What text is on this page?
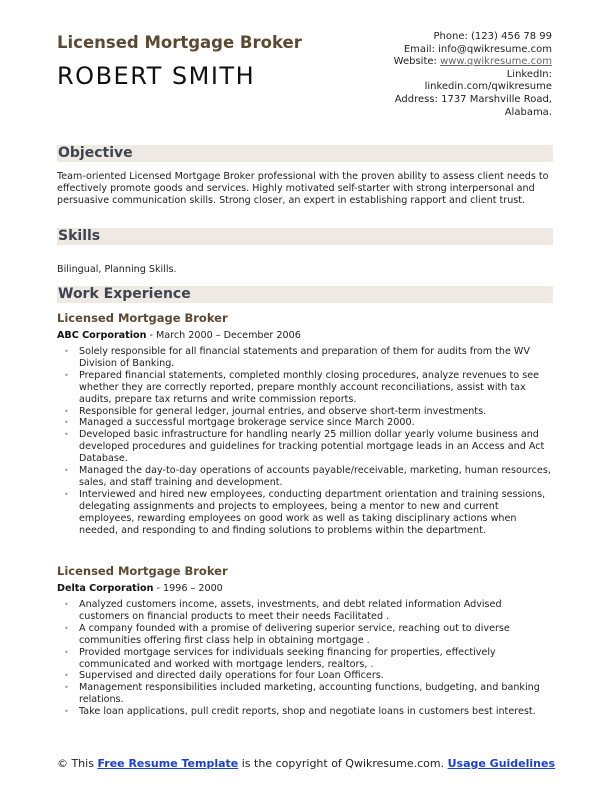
Licensed Mortgage Broker
ROBERT SMITH
Phone: (123) 456 78 99
Email: info@qwikresume.com
Website: www.qwikresume.com
LinkedIn:
linkedin.com/qwikresume
Address: 1737 Marshville Road,
Alabama.
Objective
Team-oriented Licensed Mortgage Broker professional with the proven ability to assess client needs to effectively promote goods and services. Highly motivated self-starter with strong interpersonal and persuasive communication skills. Strong closer, an expert in establishing rapport and client trust.
Skills
Bilingual, Planning Skills.
Work Experience
Licensed Mortgage Broker
ABC Corporation - March 2000 – December 2006
• Solely responsible for all financial statements and preparation of them for audits from the WV Division of Banking.
• Prepared financial statements, completed monthly closing procedures, analyze revenues to see whether they are correctly reported, prepare monthly account reconciliations, assist with tax audits, prepare tax returns and write commission reports.
• Responsible for general ledger, journal entries, and observe short-term investments.
• Managed a successful mortgage brokerage service since March 2000.
• Developed basic infrastructure for handling nearly 25 million dollar yearly volume business and developed procedures and guidelines for tracking potential mortgage leads in an Access and Act Database.
• Managed the day-to-day operations of accounts payable/receivable, marketing, human resources, sales, and staff training and development.
• Interviewed and hired new employees, conducting department orientation and training sessions, delegating assignments and projects to employees, being a mentor to new and current employees, rewarding employees on good work as well as taking disciplinary actions when needed, and responding to and finding solutions to problems within the department.
Licensed Mortgage Broker
Delta Corporation - 1996 – 2000
• Analyzed customers income, assets, investments, and debt related information Advised customers on financial products to meet their needs Facilitated .
• A company founded with a promise of delivering superior service, reaching out to diverse communities offering first class help in obtaining mortgage .
• Provided mortgage services for individuals seeking financing for properties, effectively communicated and worked with mortgage lenders, realtors, .
• Supervised and directed daily operations for four Loan Officers.
• Management responsibilities included marketing, accounting functions, budgeting, and banking relations.
• Take loan applications, pull credit reports, shop and negotiate loans in customers best interest.
© This Free Resume Template is the copyright of Qwikresume.com. Usage Guidelines
